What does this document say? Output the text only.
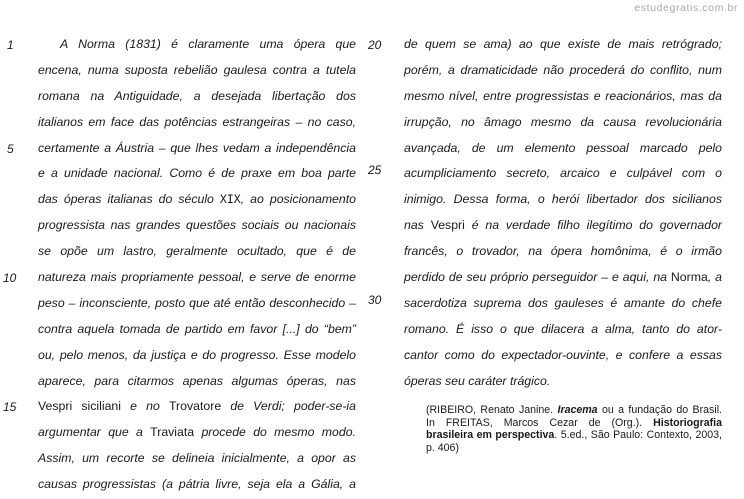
estudegratis.com.br
1
5
10
15
20
25
30
A Norma (1831) é claramente uma ópera que
encena, numa suposta rebelião gaulesa contra a tutela
romana na Antiguidade, a desejada libertação dos
italianos em face das potências estrangeiras – no caso,
certamente a Áustria – que lhes vedam a independência
e a unidade nacional. Como é de praxe em boa parte
das óperas italianas do século XIX, ao posicionamento
progressista nas grandes questões sociais ou nacionais
se opõe um lastro, geralmente ocultado, que é de
natureza mais propriamente pessoal, e serve de enorme
peso – inconsciente, posto que até então desconhecido –
contra aquela tomada de partido em favor [...] do “bem”
ou, pelo menos, da justiça e do progresso. Esse modelo
aparece, para citarmos apenas algumas óperas, nas
Vespri siciliani e no Trovatore de Verdi; poder-se-ia
argumentar que a Traviata procede do mesmo modo.
Assim, um recorte se delineia inicialmente, a opor as
causas progressistas (a pátria livre, seja ela a Gália, a
de quem se ama) ao que existe de mais retrógrado;
porém, a dramaticidade não procederá do conflito, num
mesmo nível, entre progressistas e reacionários, mas da
irrupção, no âmago mesmo da causa revolucionária
avançada, de um elemento pessoal marcado pelo
acumpliciamento secreto, arcaico e culpável com o
inimigo. Dessa forma, o herói libertador dos sicilianos
nas Vespri é na verdade filho ilegítimo do governador
francês, o trovador, na ópera homônima, é o irmão
perdido de seu próprio perseguidor – e aqui, na Norma, a
sacerdotiza suprema dos gauleses é amante do chefe
romano. É isso o que dilacera a alma, tanto do ator-
cantor como do expectador-ouvinte, e confere a essas
óperas seu caráter trágico.
(RIBEIRO, Renato Janine. Iracema ou a fundação do Brasil. In FREITAS, Marcos Cezar de (Org.). Historiografia brasileira em perspectiva. 5.ed., São Paulo: Contexto, 2003, p. 406)
